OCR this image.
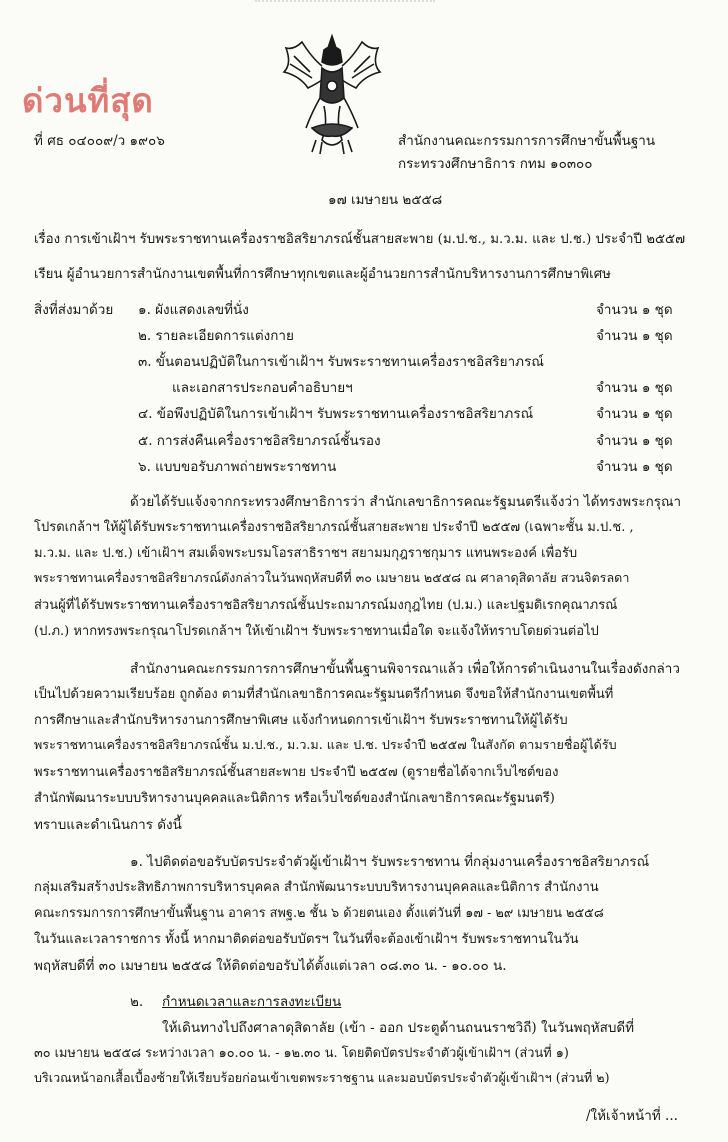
ด่วนที่สุด
ที่ ศธ ๐๔๐๐๙/ว ๑๙๐๖	สำนักงานคณะกรรมการการศึกษาขั้นพื้นฐาน
กระทรวงศึกษาธิการ กทม ๑๐๓๐๐
๑๗ เมษายน ๒๕๕๘
เรื่อง การเข้าเฝ้าฯ รับพระราชทานเครื่องราชอิสริยาภรณ์ชั้นสายสะพาย (ม.ป.ช., ม.ว.ม. และ ป.ช.) ประจำปี ๒๕๕๗
เรียน ผู้อำนวยการสำนักงานเขตพื้นที่การศึกษาทุกเขตและผู้อำนวยการสำนักบริหารงานการศึกษาพิเศษ
สิ่งที่ส่งมาด้วย ๑. ผังแสดงเลขที่นั่ง	จำนวน ๑ ชุด
๒. รายละเอียดการแต่งกาย	จำนวน ๑ ชุด
๓. ขั้นตอนปฏิบัติในการเข้าเฝ้าฯ รับพระราชทานเครื่องราชอิสริยาภรณ์
และเอกสารประกอบคำอธิบายฯ	จำนวน ๑ ชุด
๔. ข้อพึงปฏิบัติในการเข้าเฝ้าฯ รับพระราชทานเครื่องราชอิสริยาภรณ์	จำนวน ๑ ชุด
๕. การส่งคืนเครื่องราชอิสริยาภรณ์ชั้นรอง	จำนวน ๑ ชุด
๖. แบบขอรับภาพถ่ายพระราชทาน	จำนวน ๑ ชุด
ด้วยได้รับแจ้งจากกระทรวงศึกษาธิการว่า สำนักเลขาธิการคณะรัฐมนตรีแจ้งว่า ได้ทรงพระกรุณา
โปรดเกล้าฯ ให้ผู้ได้รับพระราชทานเครื่องราชอิสริยาภรณ์ชั้นสายสะพาย ประจำปี ๒๕๕๗ (เฉพาะชั้น ม.ป.ช. ,
ม.ว.ม. และ ป.ช.) เข้าเฝ้าฯ สมเด็จพระบรมโอรสาธิราชฯ สยามมกุฎราชกุมาร แทนพระองค์ เพื่อรับ
พระราชทานเครื่องราชอิสริยาภรณ์ดังกล่าวในวันพฤหัสบดีที่ ๓๐ เมษายน ๒๕๕๘ ณ ศาลาดุสิดาลัย สวนจิตรลดา
ส่วนผู้ที่ได้รับพระราชทานเครื่องราชอิสริยาภรณ์ชั้นประถมาภรณ์มงกุฎไทย (ป.ม.) และปฐมดิเรกคุณาภรณ์
(ป.ภ.) หากทรงพระกรุณาโปรดเกล้าฯ ให้เข้าเฝ้าฯ รับพระราชทานเมื่อใด จะแจ้งให้ทราบโดยด่วนต่อไป
สำนักงานคณะกรรมการการศึกษาขั้นพื้นฐานพิจารณาแล้ว เพื่อให้การดำเนินงานในเรื่องดังกล่าว
เป็นไปด้วยความเรียบร้อย ถูกต้อง ตามที่สำนักเลขาธิการคณะรัฐมนตรีกำหนด จึงขอให้สำนักงานเขตพื้นที่
การศึกษาและสำนักบริหารงานการศึกษาพิเศษ แจ้งกำหนดการเข้าเฝ้าฯ รับพระราชทานให้ผู้ได้รับ
พระราชทานเครื่องราชอิสริยาภรณ์ชั้น ม.ป.ช., ม.ว.ม. และ ป.ช. ประจำปี ๒๕๕๗ ในสังกัด ตามรายชื่อผู้ได้รับ
พระราชทานเครื่องราชอิสริยาภรณ์ชั้นสายสะพาย ประจำปี ๒๕๕๗ (ดูรายชื่อได้จากเว็บไซต์ของ
สำนักพัฒนาระบบบริหารงานบุคคลและนิติการ หรือเว็บไซต์ของสำนักเลขาธิการคณะรัฐมนตรี)
ทราบและดำเนินการ ดังนี้
๑. ไปติดต่อขอรับบัตรประจำตัวผู้เข้าเฝ้าฯ รับพระราชทาน ที่กลุ่มงานเครื่องราชอิสริยาภรณ์
กลุ่มเสริมสร้างประสิทธิภาพการบริหารบุคคล สำนักพัฒนาระบบบริหารงานบุคคลและนิติการ สำนักงาน
คณะกรรมการการศึกษาขั้นพื้นฐาน อาคาร สพฐ.๒ ชั้น ๖ ด้วยตนเอง ตั้งแต่วันที่ ๑๗ - ๒๙ เมษายน ๒๕๕๘
ในวันและเวลาราชการ ทั้งนี้ หากมาติดต่อขอรับบัตรฯ ในวันที่จะต้องเข้าเฝ้าฯ รับพระราชทานในวัน
พฤหัสบดีที่ ๓๐ เมษายน ๒๕๕๘ ให้ติดต่อขอรับได้ตั้งแต่เวลา ๐๘.๓๐ น. - ๑๐.๐๐ น.
๒. กำหนดเวลาและการลงทะเบียน
ให้เดินทางไปถึงศาลาดุสิดาลัย (เข้า - ออก ประตูด้านถนนราชวิถี) ในวันพฤหัสบดีที่
๓๐ เมษายน ๒๕๕๘ ระหว่างเวลา ๑๐.๐๐ น. - ๑๒.๓๐ น. โดยติดบัตรประจำตัวผู้เข้าเฝ้าฯ (ส่วนที่ ๑)
บริเวณหน้าอกเสื้อเบื้องซ้ายให้เรียบร้อยก่อนเข้าเขตพระราชฐาน และมอบบัตรประจำตัวผู้เข้าเฝ้าฯ (ส่วนที่ ๒)
/ให้เจ้าหน้าที่ ...
